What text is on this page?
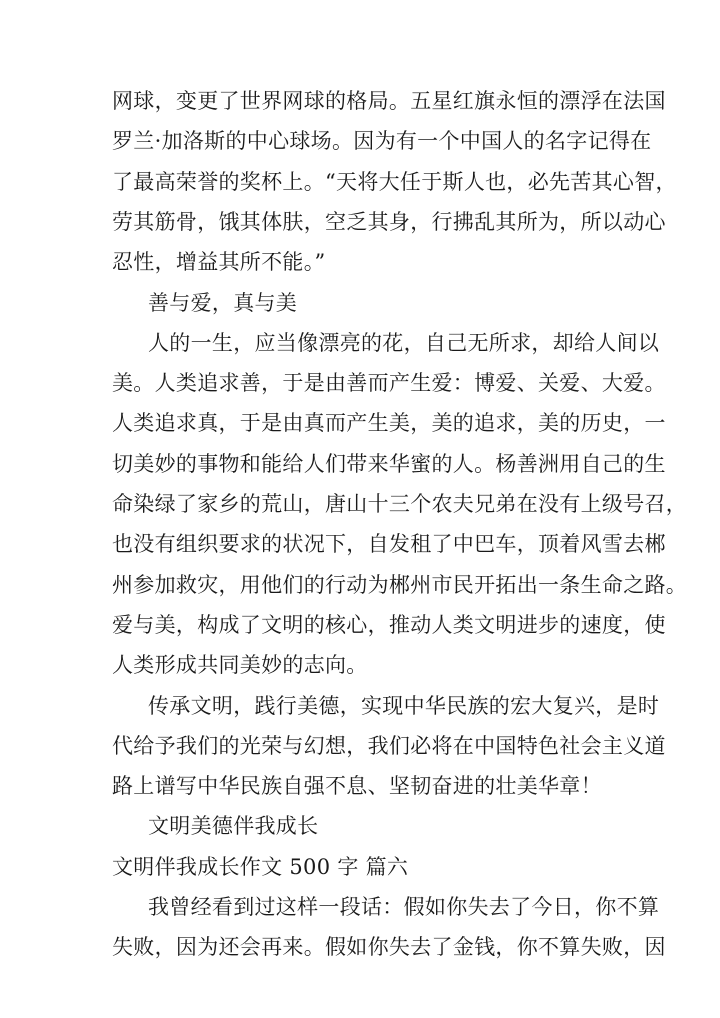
网球，变更了世界网球的格局。五星红旗永恒的漂浮在法国
罗兰·加洛斯的中心球场。因为有一个中国人的名字记得在
了最高荣誉的奖杯上。“天将大任于斯人也，必先苦其心智，
劳其筋骨，饿其体肤，空乏其身，行拂乱其所为，所以动心
忍性，增益其所不能。”
善与爱，真与美
人的一生，应当像漂亮的花，自己无所求，却给人间以
美。人类追求善，于是由善而产生爱：博爱、关爱、大爱。
人类追求真，于是由真而产生美，美的追求，美的历史，一
切美妙的事物和能给人们带来华蜜的人。杨善洲用自己的生
命染绿了家乡的荒山，唐山十三个农夫兄弟在没有上级号召，
也没有组织要求的状况下，自发租了中巴车，顶着风雪去郴
州参加救灾，用他们的行动为郴州市民开拓出一条生命之路。
爱与美，构成了文明的核心，推动人类文明进步的速度，使
人类形成共同美妙的志向。
传承文明，践行美德，实现中华民族的宏大复兴，是时
代给予我们的光荣与幻想，我们必将在中国特色社会主义道
路上谱写中华民族自强不息、坚韧奋进的壮美华章！
文明美德伴我成长
文明伴我成长作文 500 字 篇六
我曾经看到过这样一段话：假如你失去了今日，你不算
失败，因为还会再来。假如你失去了金钱，你不算失败，因
